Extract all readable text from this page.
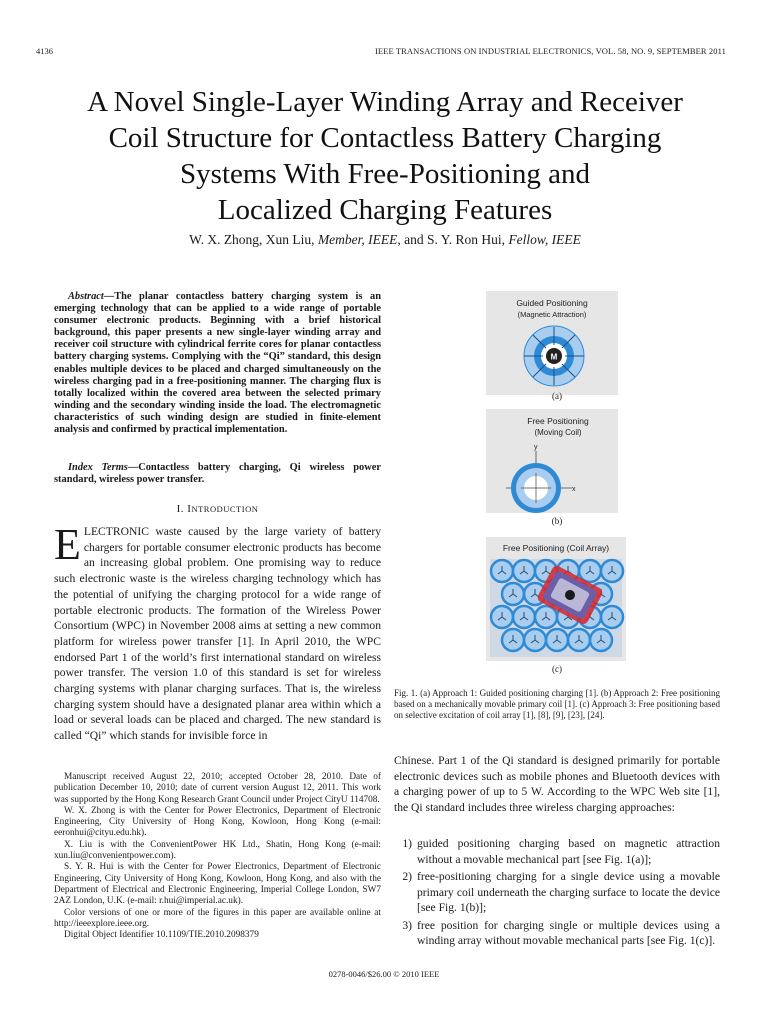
4136	IEEE TRANSACTIONS ON INDUSTRIAL ELECTRONICS, VOL. 58, NO. 9, SEPTEMBER 2011
A Novel Single-Layer Winding Array and Receiver
Coil Structure for Contactless Battery Charging
Systems With Free-Positioning and
Localized Charging Features
W. X. Zhong, Xun Liu, Member, IEEE, and S. Y. Ron Hui, Fellow, IEEE
Abstract—The planar contactless battery charging system is an emerging technology that can be applied to a wide range of portable consumer electronic products. Beginning with a brief historical background, this paper presents a new single-layer winding array and receiver coil structure with cylindrical ferrite cores for planar contactless battery charging systems. Complying with the “Qi” standard, this design enables multiple devices to be placed and charged simultaneously on the wireless charging pad in a free-positioning manner. The charging flux is totally localized within the covered area between the selected primary winding and the secondary winding inside the load. The electromagnetic characteristics of such winding design are studied in finite-element analysis and confirmed by practical implementation.
Index Terms—Contactless battery charging, Qi wireless power standard, wireless power transfer.
I. INTRODUCTION
ELECTRONIC waste caused by the large variety of battery chargers for portable consumer electronic products has become an increasing global problem. One promising way to reduce such electronic waste is the wireless charging technology which has the potential of unifying the charging protocol for a wide range of portable electronic products. The formation of the Wireless Power Consortium (WPC) in November 2008 aims at setting a new common platform for wireless power transfer [1]. In April 2010, the WPC endorsed Part 1 of the world’s first international standard on wireless power transfer. The version 1.0 of this standard is set for wireless charging systems with planar charging surfaces. That is, the wireless charging system should have a designated planar area within which a load or several loads can be placed and charged. The new standard is called “Qi” which stands for invisible force in

Manuscript received August 22, 2010; accepted October 28, 2010. Date of publication December 10, 2010; date of current version August 12, 2011. This work was supported by the Hong Kong Research Grant Council under Project CityU 114708.

W. X. Zhong is with the Center for Power Electronics, Department of Electronic Engineering, City University of Hong Kong, Kowloon, Hong Kong (e-mail: eeronhui@cityu.edu.hk).

X. Liu is with the ConvenientPower HK Ltd., Shatin, Hong Kong (e-mail: xun.liu@convenientpower.com).

S. Y. R. Hui is with the Center for Power Electronics, Department of Electronic Engineering, City University of Hong Kong, Kowloon, Hong Kong, and also with the Department of Electrical and Electronic Engineering, Imperial College London, SW7 2AZ London, U.K. (e-mail: r.hui@imperial.ac.uk).

Color versions of one or more of the figures in this paper are available online at http://ieeexplore.ieee.org.

Digital Object Identifier 10.1109/TIE.2010.2098379

Guided Positioning
(Magnetic Attraction)
M
(a)
Free Positioning
(Moving Coil)
y
x
(b)
Free Positioning (Coil Array)
(c)
Fig. 1. (a) Approach 1: Guided positioning charging [1]. (b) Approach 2: Free positioning based on a mechanically movable primary coil [1]. (c) Approach 3: Free positioning based on selective excitation of coil array [1], [8], [9], [23], [24].
Chinese. Part 1 of the Qi standard is designed primarily for portable electronic devices such as mobile phones and Bluetooth devices with a charging power of up to 5 W. According to the WPC Web site [1], the Qi standard includes three wireless charging approaches:
1) guided positioning charging based on magnetic attraction without a movable mechanical part [see Fig. 1(a)];
2) free-positioning charging for a single device using a movable primary coil underneath the charging surface to locate the device [see Fig. 1(b)];
3) free position for charging single or multiple devices using a winding array without movable mechanical parts [see Fig. 1(c)].
0278-0046/$26.00 © 2010 IEEE
